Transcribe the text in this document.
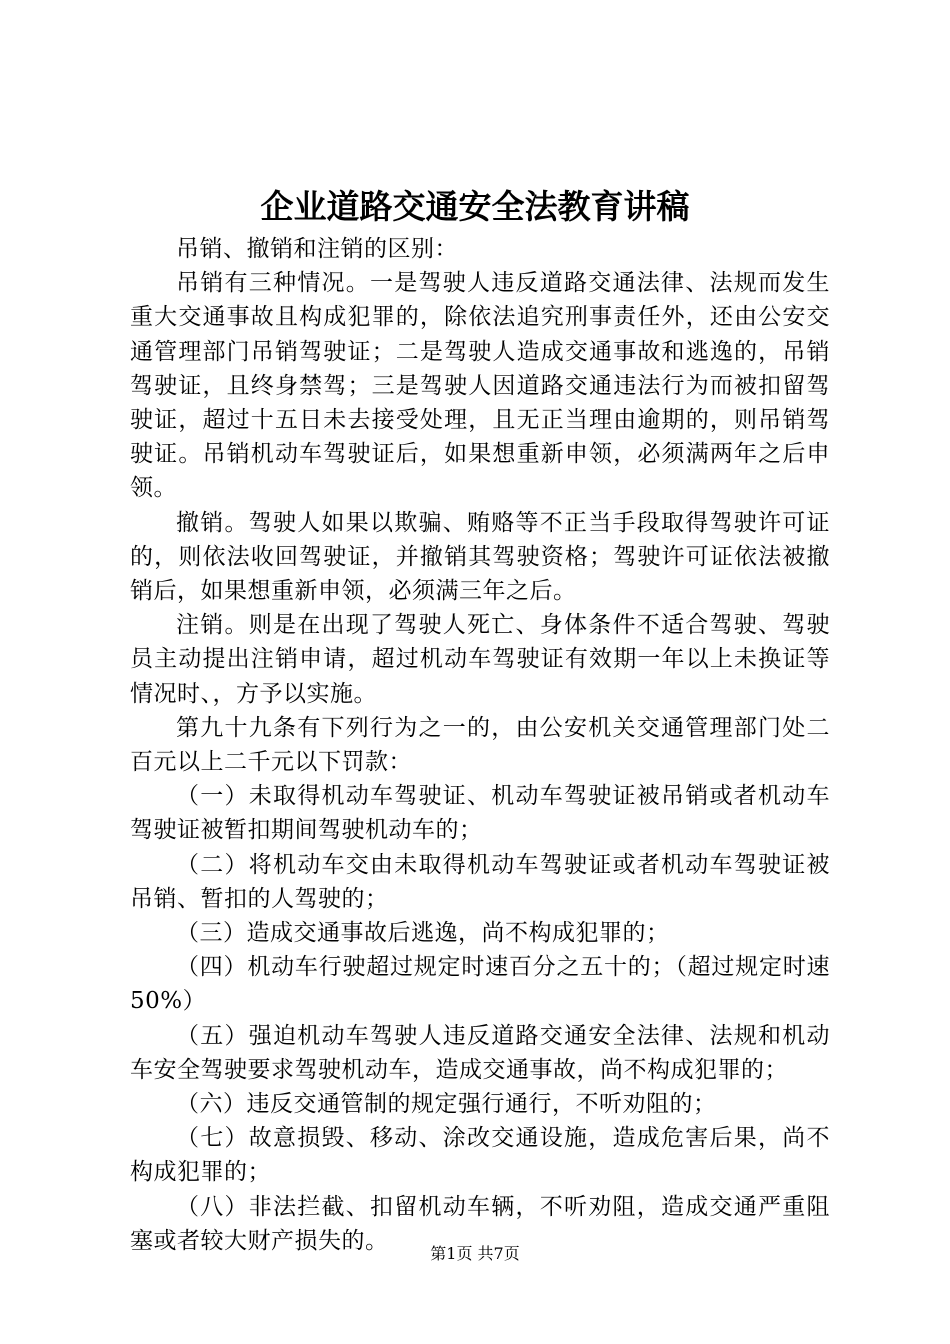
企业道路交通安全法教育讲稿

吊销、撤销和注销的区别：

吊销有三种情况。一是驾驶人违反道路交通法律、法规而发生重大交通事故且构成犯罪的，除依法追究刑事责任外，还由公安交通管理部门吊销驾驶证；二是驾驶人造成交通事故和逃逸的，吊销驾驶证，且终身禁驾；三是驾驶人因道路交通违法行为而被扣留驾驶证，超过十五日未去接受处理，且无正当理由逾期的，则吊销驾驶证。吊销机动车驾驶证后，如果想重新申领，必须满两年之后申领。

撤销。驾驶人如果以欺骗、贿赂等不正当手段取得驾驶许可证的，则依法收回驾驶证，并撤销其驾驶资格；驾驶许可证依法被撤销后，如果想重新申领，必须满三年之后。

注销。则是在出现了驾驶人死亡、身体条件不适合驾驶、驾驶员主动提出注销申请，超过机动车驾驶证有效期一年以上未换证等情况时、，方予以实施。

第九十九条有下列行为之一的，由公安机关交通管理部门处二百元以上二千元以下罚款：

（一）未取得机动车驾驶证、机动车驾驶证被吊销或者机动车驾驶证被暂扣期间驾驶机动车的；

（二）将机动车交由未取得机动车驾驶证或者机动车驾驶证被吊销、暂扣的人驾驶的；

（三）造成交通事故后逃逸，尚不构成犯罪的；

（四）机动车行驶超过规定时速百分之五十的；（超过规定时速50%）

（五）强迫机动车驾驶人违反道路交通安全法律、法规和机动车安全驾驶要求驾驶机动车，造成交通事故，尚不构成犯罪的；

（六）违反交通管制的规定强行通行，不听劝阻的；

（七）故意损毁、移动、涂改交通设施，造成危害后果，尚不构成犯罪的；

（八）非法拦截、扣留机动车辆，不听劝阻，造成交通严重阻塞或者较大财产损失的。	第1页 共7页
